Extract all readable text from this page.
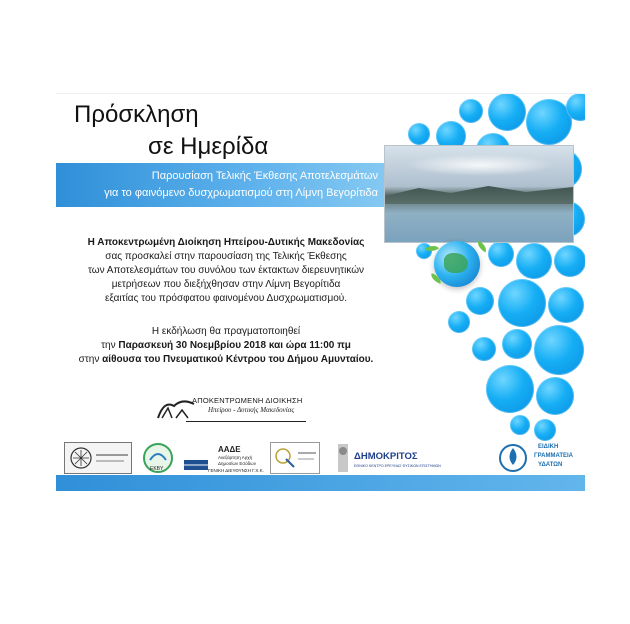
Πρόσκληση
σε Ημερίδα
Παρουσίαση Τελικής Έκθεσης Αποτελεσμάτων
για το φαινόμενο δυσχρωματισμού στη Λίμνη Βεγορίτιδα
Η Αποκεντρωμένη Διοίκηση Ηπείρου-Δυτικής Μακεδονίας
σας προσκαλεί στην παρουσίαση της Τελικής Έκθεσης
των Αποτελεσμάτων του συνόλου των έκτακτων διερευνητικών
μετρήσεων που διεξήχθησαν στην Λίμνη Βεγορίτιδα
εξαιτίας του πρόσφατου φαινομένου Δυσχρωματισμού.
Η εκδήλωση θα πραγματοποιηθεί
την Παρασκευή 30 Νοεμβρίου 2018 και ώρα 11:00 πμ
στην αίθουσα του Πνευματικού Κέντρου του Δήμου Αμυνταίου.
ΑΠΟΚΕΝΤΡΩΜΕΝΗ ΔΙΟΙΚΗΣΗ
Ηπείρου - Δυτικής Μακεδονίας
ΕΚΒΥ
ΑΑΔΕ
Ανεξάρτητη Αρχή
Δημοσίων Εσόδων
ΓΕΝΙΚΗ ΔΙΕΥΘΥΝΣΗ Γ.Χ.Κ.
ΔΗΜΟΚΡΙΤΟΣ
ΕΘΝΙΚΟ ΚΕΝΤΡΟ ΕΡΕΥΝΑΣ ΦΥΣΙΚΩΝ ΕΠΙΣΤΗΜΩΝ
ΕΙΔΙΚΗ
ΓΡΑΜΜΑΤΕΙΑ
ΥΔΑΤΩΝ
